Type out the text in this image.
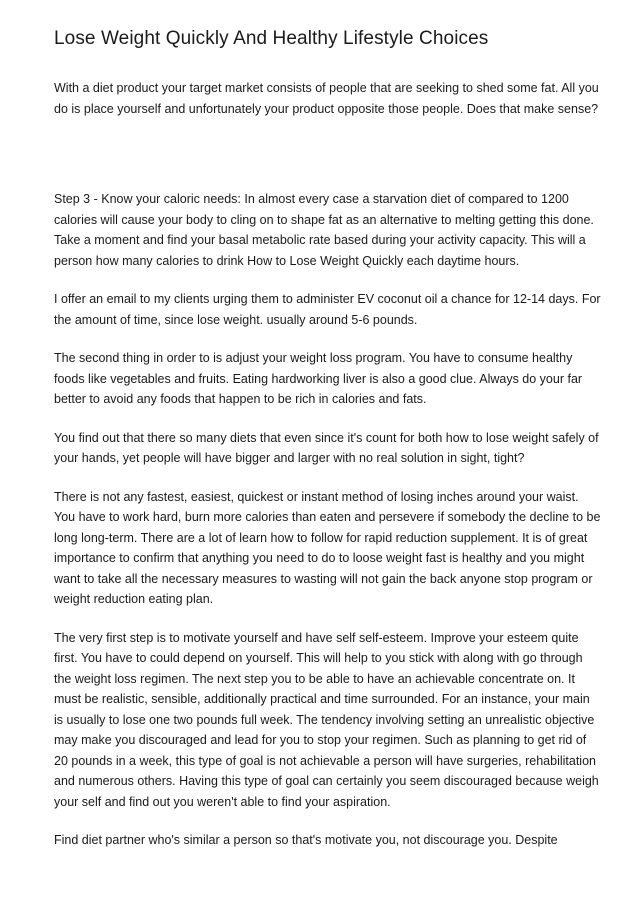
Lose Weight Quickly And Healthy Lifestyle Choices

With a diet product your target market consists of people that are seeking to shed some fat. All you do is place yourself and unfortunately your product opposite those people. Does that make sense?

Step 3 - Know your caloric needs: In almost every case a starvation diet of compared to 1200 calories will cause your body to cling on to shape fat as an alternative to melting getting this done. Take a moment and find your basal metabolic rate based during your activity capacity. This will a person how many calories to drink How to Lose Weight Quickly each daytime hours.

I offer an email to my clients urging them to administer EV coconut oil a chance for 12-14 days. For the amount of time, since lose weight. usually around 5-6 pounds.

The second thing in order to is adjust your weight loss program. You have to consume healthy foods like vegetables and fruits. Eating hardworking liver is also a good clue. Always do your far better to avoid any foods that happen to be rich in calories and fats.

You find out that there so many diets that even since it's count for both how to lose weight safely of your hands, yet people will have bigger and larger with no real solution in sight, tight?

There is not any fastest, easiest, quickest or instant method of losing inches around your waist. You have to work hard, burn more calories than eaten and persevere if somebody the decline to be long long-term. There are a lot of learn how to follow for rapid reduction supplement. It is of great importance to confirm that anything you need to do to loose weight fast is healthy and you might want to take all the necessary measures to wasting will not gain the back anyone stop program or weight reduction eating plan.

The very first step is to motivate yourself and have self self-esteem. Improve your esteem quite first. You have to could depend on yourself. This will help to you stick with along with go through the weight loss regimen. The next step you to be able to have an achievable concentrate on. It must be realistic, sensible, additionally practical and time surrounded. For an instance, your main is usually to lose one two pounds full week. The tendency involving setting an unrealistic objective may make you discouraged and lead for you to stop your regimen. Such as planning to get rid of 20 pounds in a week, this type of goal is not achievable a person will have surgeries, rehabilitation and numerous others. Having this type of goal can certainly you seem discouraged because weigh your self and find out you weren't able to find your aspiration.

Find diet partner who's similar a person so that's motivate you, not discourage you. Despite
